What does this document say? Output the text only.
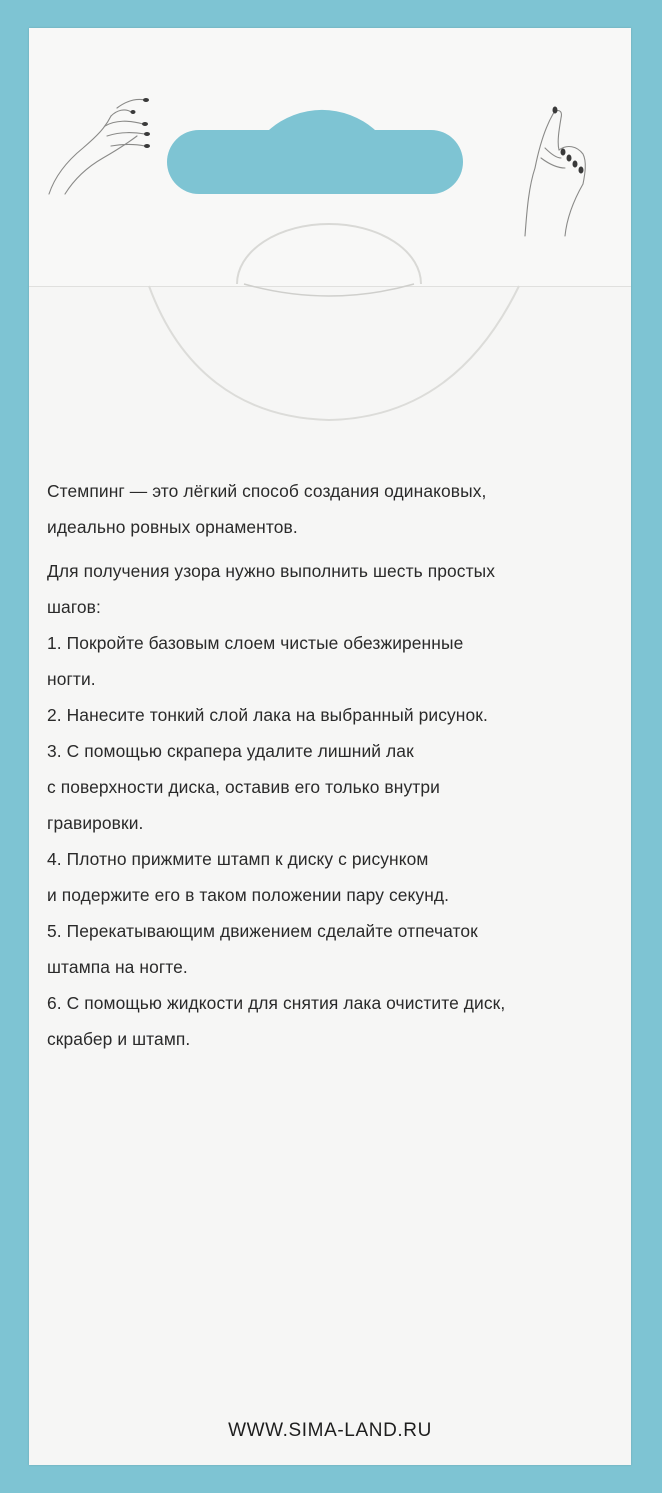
Стемпинг — это лёгкий способ создания одинаковых,

идеально ровных орнаментов.

Для получения узора нужно выполнить шесть простых

шагов:

1. Покройте базовым слоем чистые обезжиренные

ногти.

2. Нанесите тонкий слой лака на выбранный рисунок.

3. С помощью скрапера удалите лишний лак

с поверхности диска, оставив его только внутри

гравировки.

4. Плотно прижмите штамп к диску с рисунком

и подержите его в таком положении пару секунд.

5. Перекатывающим движением сделайте отпечаток

штампа на ногте.

6. С помощью жидкости для снятия лака очистите диск,

скрабер и штамп.

WWW.SIMA-LAND.RU
